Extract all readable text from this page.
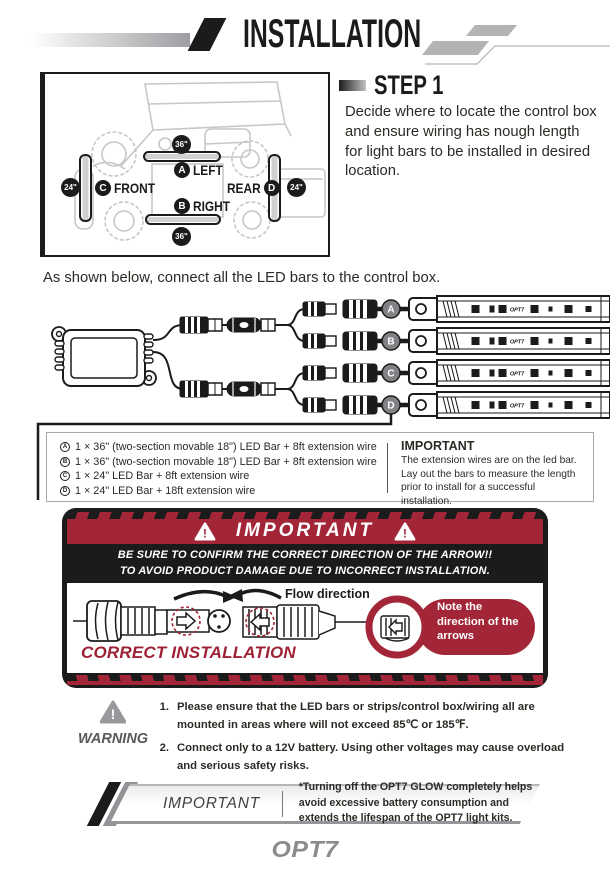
INSTALLATION
36"
A LEFT
B RIGHT
36"
24"	C FRONT	REAR D	24"
STEP 1
Decide where to locate the control box and ensure wiring has nough length for light bars to be installed in desired location.
As shown below, connect all the LED bars to the control box.
OPT7
OPT7
OPT7
OPT7
A
B
C
D
A 1 × 36" (two-section movable 18") LED Bar + 8ft extension wire
B 1 × 36" (two-section movable 18") LED Bar + 8ft extension wire
C 1 × 24" LED Bar + 8ft extension wire
D 1 × 24" LED Bar + 18ft extension wire
IMPORTANT
The extension wires are on the led bar. Lay out the bars to measure the length prior to install for a successful installation.
! IMPORTANT !
BE SURE TO CONFIRM THE CORRECT DIRECTION OF THE ARROW!!
TO AVOID PRODUCT DAMAGE DUE TO INCORRECT INSTALLATION.
Flow direction
Note the direction of the arrows
CORRECT INSTALLATION
!
WARNING
1. Please ensure that the LED bars or strips/control box/wiring all are mounted in areas where will not exceed 85℃ or 185℉.
2. Connect only to a 12V battery. Using other voltages may cause overload and serious safety risks.
IMPORTANT
*Turning off the OPT7 GLOW completely helps avoid excessive battery consumption and extends the lifespan of the OPT7 light kits.
OPT7
